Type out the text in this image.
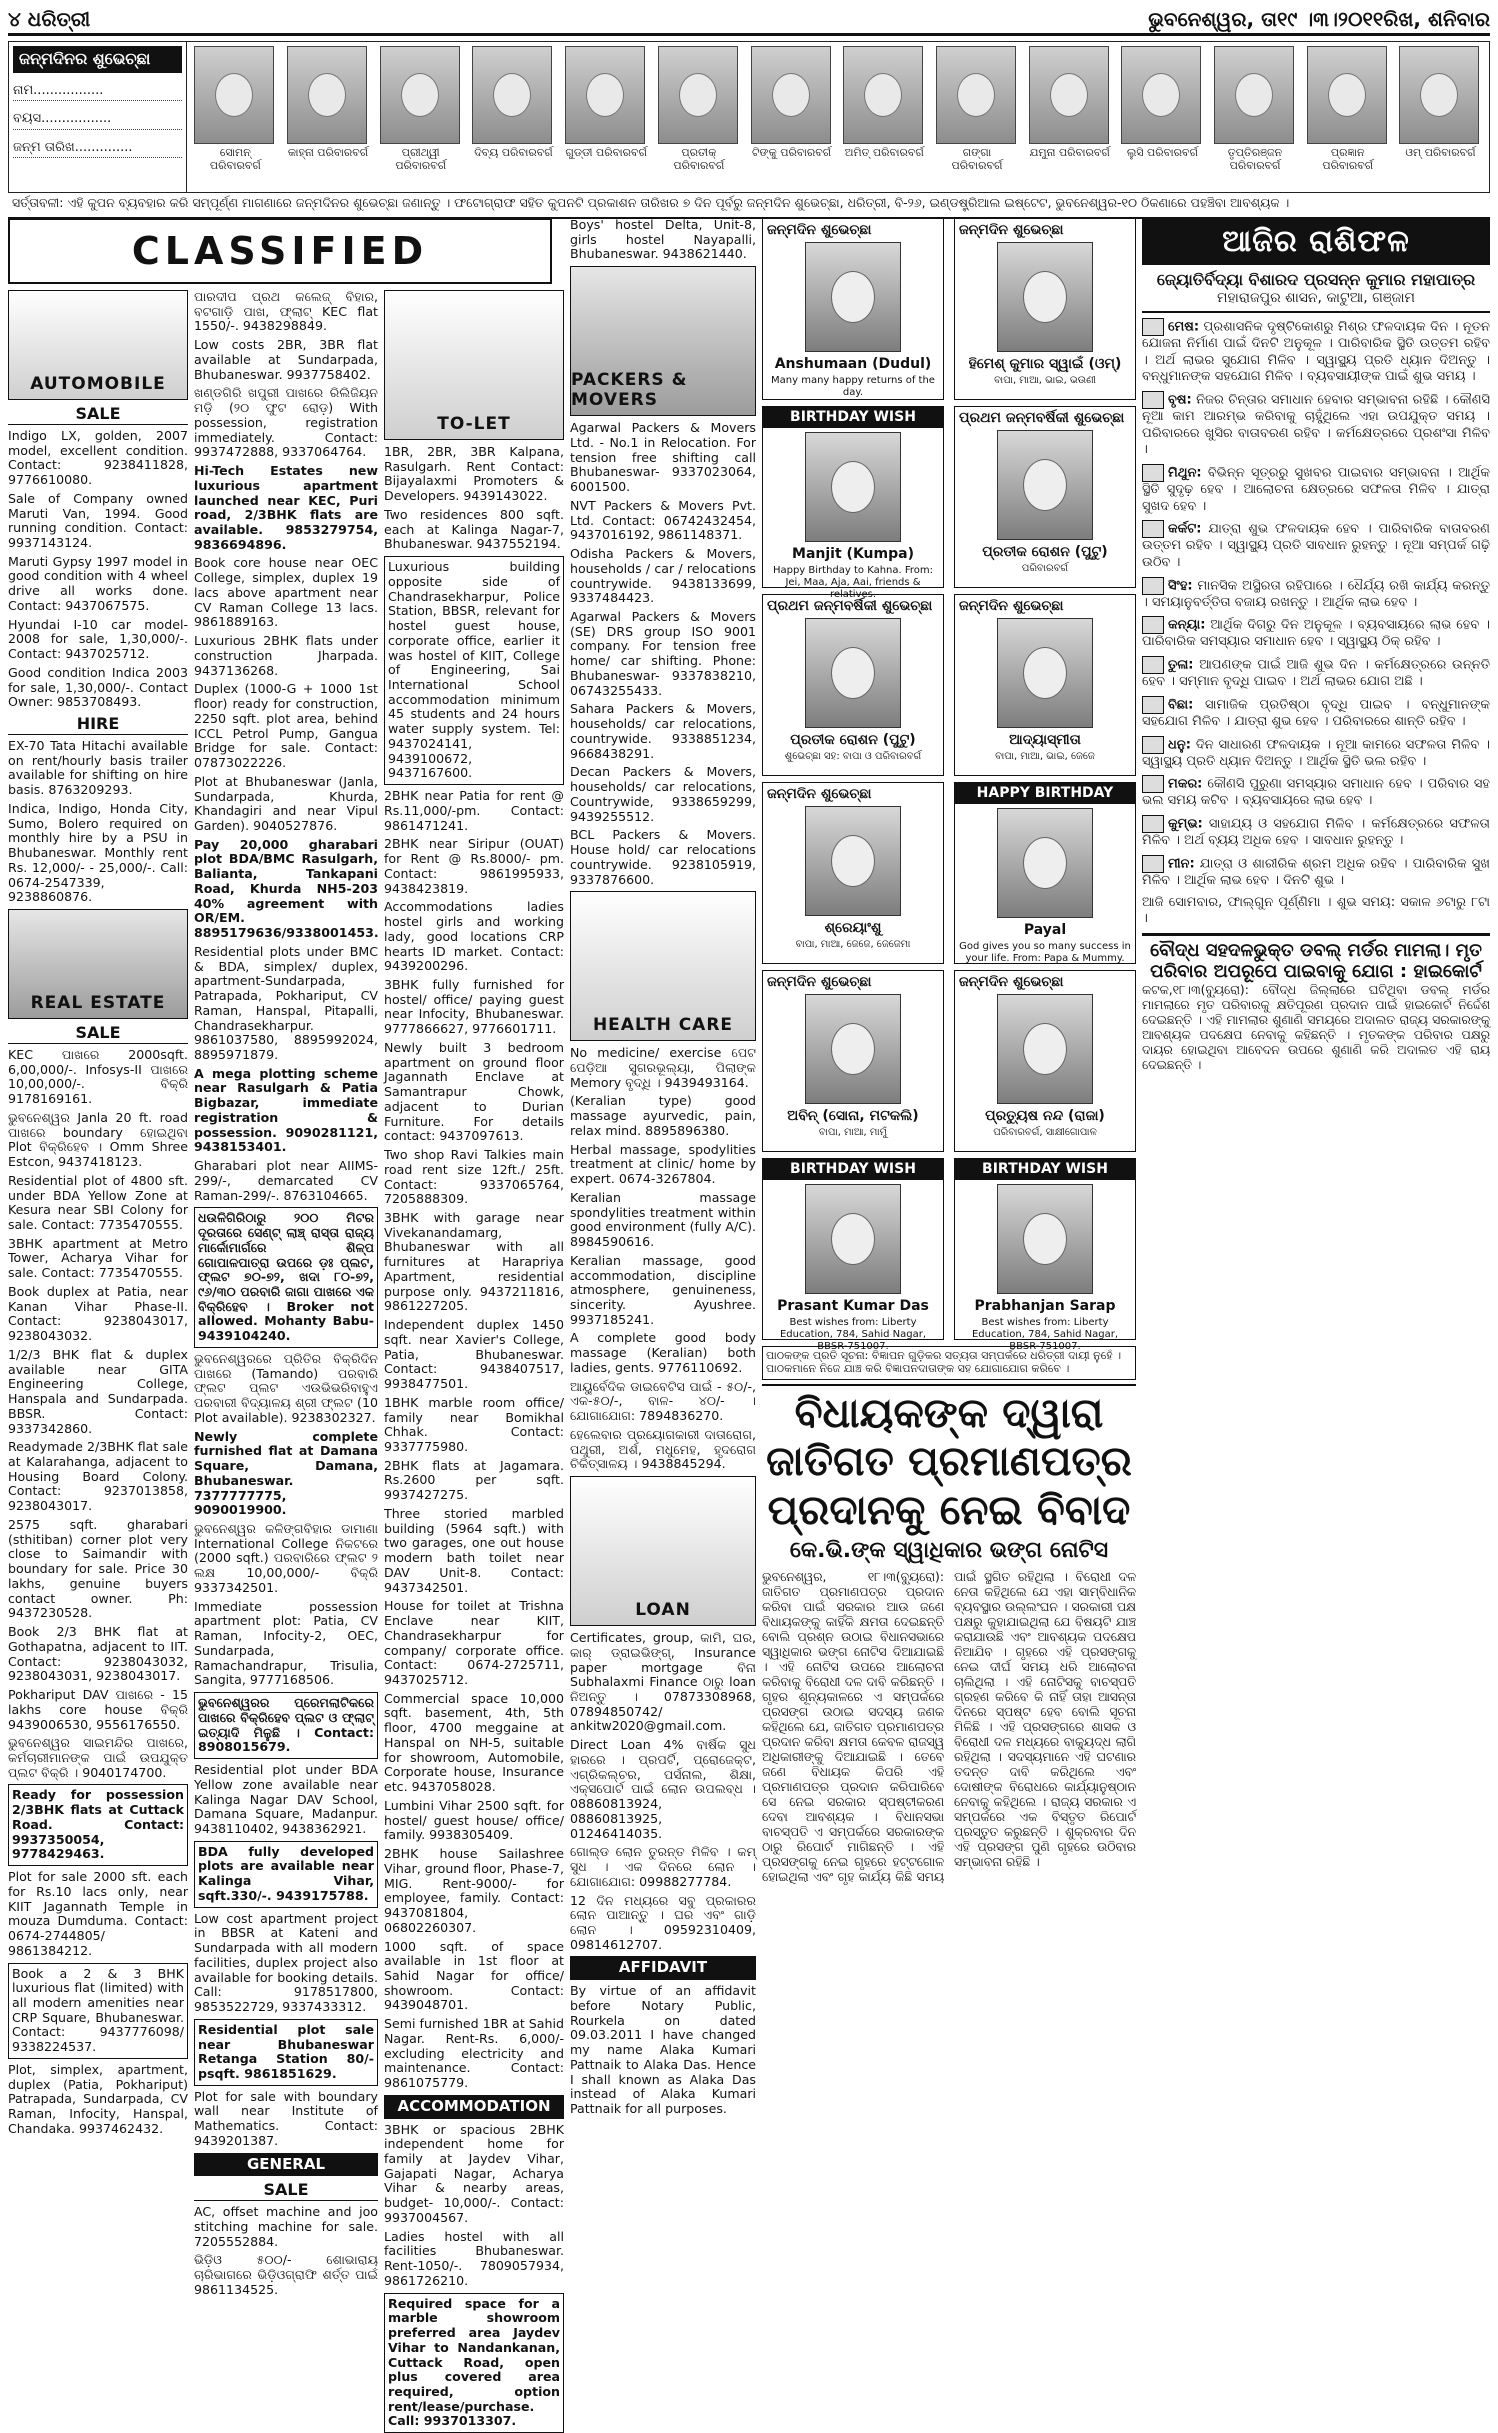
୪ ଧରିତ୍ରୀ	ଭୁବନେଶ୍ୱର, ତା୧୯ ।୩।୨୦୧୧ରିଖ, ଶନିବାର
ଜନ୍ମଦିନର ଶୁଭେଚ୍ଛା
ନାମ.................
ବୟସ.................
ଜନ୍ମ ତାରିଖ..............	ସୋମନ୍ ପରିବାରବର୍ଗ
କାହ୍ନା ପରିବାରବର୍ଗ	ପ୍ରୀଥ୍ୱୀ ପରିବାରବର୍ଗ
ଦିବ୍ୟ ପରିବାରବର୍ଗ ଗୁଡ୍ଡୀ ପରିବାରବର୍ଗ	ପ୍ରତୀକ୍ ପରିବାରବର୍ଗ
ଟିଙ୍କୁ ପରିବାରବର୍ଗ ଅମିତ୍ ପରିବାରବର୍ଗ	ଗଙ୍ଗା ପରିବାରବର୍ଗ
ଯମୁନା ପରିବାରବର୍ଗ	ଲୁସି ପରିବାରବର୍ଗ	ତୃପ୍ତିରଞ୍ଜନ ପରିବାରବର୍ଗ
ପ୍ରଜ୍ଞାନ ପରିବାରବର୍ଗ
ଓମ୍ ପରିବାରବର୍ଗ
ସର୍ତ୍ତାବଳୀ: ଏହି କୁପନ ବ୍ୟବହାର କରି ସମ୍ପୂର୍ଣ୍ଣ ମାଗଣାରେ ଜନ୍ମଦିନର ଶୁଭେଚ୍ଛା ଜଣାନ୍ତୁ । ଫଟୋଗ୍ରାଫ ସହିତ କୁପନଟି ପ୍ରକାଶନ ତାରିଖର ୭ ଦିନ ପୂର୍ବରୁ ଜନ୍ମଦିନ ଶୁଭେଚ୍ଛା, ଧରିତ୍ରୀ, ବି-୨୬, ଇଣ୍ଡଷ୍ଟ୍ରିଆଲ ଇଷ୍ଟେଟ, ଭୁବନେଶ୍ୱର-୧୦ ଠିକଣାରେ ପହଞ୍ଚିବା ଆବଶ୍ୟକ ।
CLASSIFIED
AUTOMOBILE
SALE
Indigo LX, golden, 2007 model, excellent condition. Contact: 9238411828, 9776610080.
Sale of Company owned Maruti Van, 1994. Good running condition. Contact: 9937143124.
Maruti Gypsy 1997 model in good condition with 4 wheel drive all works done. Contact: 9437067575.
Hyundai I-10 car model- 2008 for sale, 1,30,000/-. Contact: 9437025712.
Good condition Indica 2003 for sale, 1,30,000/-. Contact Owner: 9853708493.
HIRE
EX-70 Tata Hitachi available on rent/hourly basis trailer available for shifting on hire basis. 8763209293.
Indica, Indigo, Honda City, Sumo, Bolero required on monthly hire by a PSU in Bhubaneswar. Monthly rent Rs. 12,000/- - 25,000/-. Call: 0674-2547339, 9238860876.
REAL ESTATE
SALE
KEC ପାଖରେ 2000sqft. 6,00,000/-. Infosys-II ପାଖରେ 10,00,000/-. ବିକ୍ରି 9178169161.
ଭୁବନେଶ୍ୱର Janla 20 ft. road ପାଖରେ boundary ହୋଇଥିବା Plot ବିକ୍ରିହେବ । Omm Shree Estcon, 9437418123.
Residential plot of 4800 sft. under BDA Yellow Zone at Kesura near SBI Colony for sale. Contact: 7735470555.
3BHK apartment at Metro Tower, Acharya Vihar for sale. Contact: 7735470555.
Book duplex at Patia, near Kanan Vihar Phase-II. Contact: 9238043017, 9238043032.
1/2/3 BHK flat & duplex available near GITA Engineering College, Hanspala and Sundarpada. BBSR. Contact: 9337342860.
Readymade 2/3BHK flat sale at Kalarahanga, adjacent to Housing Board Colony. Contact: 9237013858, 9238043017.
2575 sqft. gharabari (sthitiban) corner plot very close to Saimandir with boundary for sale. Price 30 lakhs, genuine buyers contact owner. Ph: 9437230528.
Book 2/3 BHK flat at Gothapatna, adjacent to IIT. Contact: 9238043032, 9238043031, 9238043017.
Pokhariput DAV ପାଖରେ - 15 lakhs core house ବିକ୍ରି 9439006530, 9556176550.
ଭୁବନେଶ୍ୱର ସାଇମନ୍ଦିର ପାଖରେ, କର୍ମଚାରୀମାନଙ୍କ ପାଇଁ ଉପଯୁକ୍ତ ପ୍ଲଟ ବିକ୍ରି । 9040174700.
Ready for possession 2/3BHK flats at Cuttack Road. Contact: 9937350054, 9778429463.
Plot for sale 2000 sft. each for Rs.10 lacs only, near KIIT Jagannath Temple in mouza Dumduma. Contact: 0674-2744805/ 9861384212.
Book a 2 & 3 BHK luxurious flat (limited) with all modern amenities near CRP Square, Bhubaneswar. Contact: 9437776098/ 9338224537.
Plot, simplex, apartment, duplex (Patia, Pokhariput) Patrapada, Sundarpada, CV Raman, Infocity, Hanspal, Chandaka. 9937462432.
ପାରଦୀପ ପ୍ରଥ କଲେଜ୍ ବିହାର, ବଟଗାଡ଼ି ପାଖ, ଫ୍ଲାଟ୍ KEC flat 1550/-. 9438298849.
Low costs 2BR, 3BR flat available at Sundarpada, Bhubaneswar. 9937758402.
ଖଣ୍ଡଗିରି ଖପୁରୀ ପାଖରେ ରିଲିଜିୟନ ମଡ଼ି (୨୦ ଫୁଟ ରୋଡ଼) With possession, registration immediately. Contact: 9937472888, 9337064764.
Hi-Tech Estates new luxurious apartment launched near KEC, Puri road, 2/3BHK flats are available. 9853279754, 9836694896.
Book core house near OEC College, simplex, duplex 19 lacs above apartment near CV Raman College 13 lacs. 9861889163.
Luxurious 2BHK flats under construction Jharpada. 9437136268.
Duplex (1000-G + 1000 1st floor) ready for construction, 2250 sqft. plot area, behind ICCL Petrol Pump, Gangua Bridge for sale. Contact: 07873022226.
Plot at Bhubaneswar (Janla, Sundarpada, Khurda, Khandagiri and near Vipul Garden). 9040527876.
Pay 20,000 gharabari plot BDA/BMC Rasulgarh, Balianta, Tankapani Road, Khurda NH5-203 40% agreement with OR/EM. 8895179636/9338001453.
Residential plots under BMC & BDA, simplex/ duplex, apartment-Sundarpada, Patrapada, Pokhariput, CV Raman, Hanspal, Pitapalli, Chandrasekharpur. 9861037580, 8895992024, 8895971879.
A mega plotting scheme near Rasulgarh & Patia Bigbazar, immediate registration & possession. 9090281121, 9438153401.
Gharabari plot near AIIMS-299/-, demarcated CV Raman-299/-. 8763104665.
ଧଉଳିଗିରିଠାରୁ ୨୦୦ ମିଟର ଦୂରତାରେ ସେଣ୍ଟ୍ ଲାଞ୍ଚ୍ ରାସ୍ତା ରାଜ୍ୟ ମାର୍କୋମାର୍ଗରେ ଶିଳ୍ପ ଗୋପାଳପାତ୍ରା ଉପରେ ଡ଼ଃ ପ୍ଲଟ, ଫ୍ଲଟ ୭୦-୭୨, ଖଦା ୮୦-୭୨, ୯୬/୩୦ ପରବାରି ଜାଗା ପାଖରେ ଏକ ବିକ୍ରିହେବ । Broker not allowed. Mohanty Babu-9439104240.
ଭୁବନେଶ୍ୱରରେ ପ୍ରିତିର ବିକ୍ରିଦିନ ପାଖରେ (Tamando) ପରବାରି ଫ୍ଲଟ ପ୍ଲଟ ଏଉଭିଭରିବାହୁଏ ପରବାରୀ ବିଦ୍ୟାଳୟ ଶ୍ରୀ ଫ୍ଲଟ (10 Plot available). 9238302327.
Newly complete furnished flat at Damana Square, Damana, Bhubaneswar. 7377777775, 9090019900.
ଭୁବନେଶ୍ୱର କଳିଙ୍ଗବିହାର ଡାମାଣା International College ନିକଟରେ (2000 sqft.) ପରବାରିରେ ଫ୍ଲଟ ୨ ଲକ୍ଷ 10,00,000/- ବିକ୍ରି 9337342501.
Immediate possession apartment plot: Patia, CV Raman, Infocity-2, OEC, Sundarpada, Ramachandrapur, Trisulia, Sangita, 9777168506.
ଭୁବନେଶ୍ୱରର ପ୍ରେମଲାଟିକରେ ପାଖରେ ବିକ୍ରିହେବ ପ୍ଲଟ ଓ ଫ୍ଲାଟ୍ ଇତ୍ୟାଦି ମିଳୁଛି । Contact: 8908015679.
Residential plot under BDA Yellow zone available near Kalinga Nagar DAV School, Damana Square, Madanpur. 9438110402, 9438362921.
BDA fully developed plots are available near Kalinga Vihar, sqft.330/-. 9439175788.
Low cost apartment project in BBSR at Kateni and Sundarpada with all modern facilities, duplex project also available for booking details. Call: 9178517800, 9853522729, 9337433312.
Residential plot sale near Bhubaneswar Retanga Station 80/- psqft. 9861851629.
Plot for sale with boundary wall near Institute of Mathematics. Contact: 9439201387.
GENERAL
SALE
AC, offset machine and joo stitching machine for sale. 7205552884.
ଭିଡ଼ିଓ ୫୦୦/- ଶୋଭାରାୟ ଚାରିଭାଗରେ ଭିଡ଼ିଓଗ୍ରାଫି ଶର୍ତ୍ତ ପାଇଁ 9861134525.
TO-LET
1BR, 2BR, 3BR Kalpana, Rasulgarh. Rent Contact: Bijayalaxmi Promoters & Developers. 9439143022.
Two residences 800 sqft. each at Kalinga Nagar-7, Bhubaneswar. 9437552194.
Luxurious building opposite side of Chandrasekharpur, Police Station, BBSR, relevant for hostel guest house, corporate office, earlier it was hostel of KIIT, College of Engineering, Sai International School accommodation minimum 45 students and 24 hours water supply system. Tel: 9437024141, 9439100672, 9437167600.
2BHK near Patia for rent @ Rs.11,000/-pm. Contact: 9861471241.
2BHK near Siripur (OUAT) for Rent @ Rs.8000/- pm. Contact: 9861995933, 9438423819.
Accommodations ladies hostel girls and working lady, good locations CRP hearts ID market. Contact: 9439200296.
3BHK fully furnished for hostel/ office/ paying guest near Infocity, Bhubaneswar. 9777866627, 9776601711.
Newly built 3 bedroom apartment on ground floor Jagannath Enclave at Samantrapur Chowk, adjacent to Durian Furniture. For details contact: 9437097613.
Two shop Ravi Talkies main road rent size 12ft./ 25ft. Contact: 9337065764, 7205888309.
3BHK with garage near Vivekanandamarg, Bhubaneswar with all furnitures at Harapriya Apartment, residential purpose only. 9437211816, 9861227205.
Independent duplex 1450 sqft. near Xavier's College, Patia, Bhubaneswar. Contact: 9438407517, 9938477501.
1BHK marble room office/ family near Bomikhal Chhak. Contact: 9337775980.
2BHK flats at Jagamara. Rs.2600 per sqft. 9937427275.
Three storied marbled building (5964 sqft.) with two garages, one out house modern bath toilet near DAV Unit-8. Contact: 9437342501.
House for toilet at Trishna Enclave near KIIT, Chandrasekharpur for company/ corporate office. Contact: 0674-2725711, 9437025712.
Commercial space 10,000 sqft. basement, 4th, 5th floor, 4700 meggaine at Hanspal on NH-5, suitable for showroom, Automobile, Corporate house, Insurance etc. 9437058028.
Lumbini Vihar 2500 sqft. for hostel/ guest house/ office/ family. 9938305409.
2BHK house Sailashree Vihar, ground floor, Phase-7, MIG. Rent-9000/- for employee, family. Contact: 9437081804, 06802260307.
1000 sqft. of space available in 1st floor at Sahid Nagar for office/ showroom. Contact: 9439048701.
Semi furnished 1BR at Sahid Nagar. Rent-Rs. 6,000/- excluding electricity and maintenance. Contact: 9861075779.
ACCOMMODATION
3BHK or spacious 2BHK independent home for family at Jaydev Vihar, Gajapati Nagar, Acharya Vihar & nearby areas, budget- 10,000/-. Contact: 9937004567.
Ladies hostel with all facilities Bhubaneswar. Rent-1050/-. 7809057934, 9861726210.
Required space for a marble showroom preferred area Jaydev Vihar to Nandankanan, Cuttack Road, open plus covered area required, option rent/lease/purchase. Call: 9937013307.
Boys' hostel Delta, Unit-8, girls hostel Nayapalli, Bhubaneswar. 9438621440.
PACKERS & MOVERS
Agarwal Packers & Movers Ltd. - No.1 in Relocation. For tension free shifting call Bhubaneswar- 9337023064, 6001500.
NVT Packers & Movers Pvt. Ltd. Contact: 06742432454, 9437016192, 9861148371.
Odisha Packers & Movers, households / car / relocations countrywide. 9438133699, 9337484423.
Agarwal Packers & Movers (SE) DRS group ISO 9001 company. For tension free home/ car shifting. Phone: Bhubaneswar- 9337838210, 06743255433.
Sahara Packers & Movers, households/ car relocations, countrywide. 9338851234, 9668438291.
Decan Packers & Movers, households/ car relocations, Countrywide, 9338659299, 9439255512.
BCL Packers & Movers. House hold/ car relocations countrywide. 9238105919, 9337876600.
HEALTH CARE
No medicine/ exercise ପେଟ ପେଡ଼ିଆ ସୁଗରଭୂଲ୍ୟା, ପିଲାଙ୍କ Memory ବୃଦ୍ଧି । 9439493164.
(Keralian type) good massage ayurvedic, pain, relax mind. 8895896380.
Herbal massage, spodylities treatment at clinic/ home by expert. 0674-3267804.
Keralian massage spondylities treatment within good environment (fully A/C). 8984590616.
Keralian massage, good accommodation, discipline atmosphere, genuineness, sincerity. Ayushree. 9937185241.
A complete good body massage (Keralian) both ladies, gents. 9776110692.
ଆୟୁର୍ବେଦିକ ଡାଇବେଟିସ ପାଇଁ - ୫୦/-, ଏକ-୫୦/-, ବାଳ- ୪୦/- । ଯୋଗାଯୋଗ: 7894836270.
ହେଲେବାର ପ୍ରୟୋଗକାରୀ ଦାତାରୋଗ, ପଥୁରୀ, ଅର୍ଶ, ମଧୁମେହ, ହୃଦରୋଗ ଚିକିତ୍ସାଳୟ । 9438845294.
LOAN
Certificates, group, କାମି, ଘର, କାର୍ ଡ୍ରାଇଭିଙ୍ଗ୍, Insurance paper mortgage ବିନା Subhalaxmi Finance ଠାରୁ loan ନିଅନ୍ତୁ । 07873308968, 07894850742/ ankitw2020@gmail.com.
Direct Loan 4% ବାର୍ଷିକ ସୁଧ ହାରରେ । ପ୍ରପର୍ଟି, ପ୍ରୋଜେକ୍ଟ, ଏଗ୍ରିକଲ୍ଚର, ପର୍ସନାଲ, ଶିକ୍ଷା, ଏକ୍ସପୋର୍ଟ ପାଇଁ ଲୋନ ଉପଲବ୍ଧ । 08860813924, 08860813925, 01246414035.
ଗୋଲ୍ଡ ଲୋନ ତୁରନ୍ତ ମିଳିବ । କମ୍ ସୁଧ । ଏକ ଦିନରେ ଲୋନ । ଯୋଗାଯୋଗ: 09988277784.
12 ଦିନ ମଧ୍ୟରେ ସବୁ ପ୍ରକାରର ଲୋନ ପାଆନ୍ତୁ । ଘର ଏବଂ ଗାଡ଼ି ଲୋନ । 09592310409, 09814612707.
AFFIDAVIT
By virtue of an affidavit before Notary Public, Rourkela on dated 09.03.2011 I have changed my name Alaka Kumari Pattnaik to Alaka Das. Hence I shall known as Alaka Das instead of Alaka Kumari Pattnaik for all purposes.
ଜନ୍ମଦିନ ଶୁଭେଚ୍ଛା
Anshumaan (Dudul)
Many many happy returns of the day.
ଜନ୍ମଦିନ ଶୁଭେଚ୍ଛା
ହିମେଶ୍ କୁମାର ସ୍ୱାଇଁ (ଓମ୍)
ବାପା, ମାଆ, ଭାଇ, ଭଉଣୀ
BIRTHDAY WISH
Manjit (Kumpa)
Happy Birthday to Kahna. From: Jei, Maa, Aja, Aai, friends & relatives.
ପ୍ରଥମ ଜନ୍ମବର୍ଷିକୀ ଶୁଭେଚ୍ଛା
ପ୍ରତୀକ ରୋଶନ (ପୁଟୁ)
ପରିବାରବର୍ଗ
ପ୍ରଥମ ଜନ୍ମବର୍ଷିକୀ ଶୁଭେଚ୍ଛା
ପ୍ରତୀକ ରୋଶନ (ପୁଟୁ)
ଶୁଭେଚ୍ଛା ସହ: ବାପା ଓ ପରିବାରବର୍ଗ
ଜନ୍ମଦିନ ଶୁଭେଚ୍ଛା
ଆଦ୍ୟାସ୍ମୀତା
ବାପା, ମାଆ, ଭାଇ, ଜେଜେ
ଜନ୍ମଦିନ ଶୁଭେଚ୍ଛା
ଶ୍ରେୟାଂଶୁ
ବାପା, ମାଆ, ଜେଜେ, ଜେଜେମା
HAPPY BIRTHDAY
Payal
God gives you so many success in your life. From: Papa & Mummy.
ଜନ୍ମଦିନ ଶୁଭେଚ୍ଛା
ଅବିନ୍ (ସୋନା, ମଟକଲି)
ବାପା, ମାଆ, ମାମୁଁ
ଜନ୍ମଦିନ ଶୁଭେଚ୍ଛା
ପ୍ରତ୍ୟୁଷ ନନ୍ଦ (ରାଜା)
ପରିବାରବର୍ଗ, ସାକ୍ଷୀଗୋପାଳ
BIRTHDAY WISH
Prasant Kumar Das
Best wishes from: Liberty Education, 784, Sahid Nagar, BBSR-751007.
BIRTHDAY WISH
Prabhanjan Sarap
Best wishes from: Liberty Education, 784, Sahid Nagar, BBSR-751007.
ପାଠକଙ୍କ ପ୍ରତି ସୂଚନା: ବିଜ୍ଞାପନ ଗୁଡ଼ିକର ସତ୍ୟତା ସମ୍ପର୍କରେ ଧରିତ୍ରୀ ଦାୟୀ ନୁହେଁ । ପାଠକମାନେ ନିଜେ ଯାଞ୍ଚ କରି ବିଜ୍ଞାପନଦାତାଙ୍କ ସହ ଯୋଗାଯୋଗ କରିବେ ।
ବିଧାୟକଙ୍କ ଦ୍ୱାରା ଜାତିଗତ ପ୍ରମାଣପତ୍ର ପ୍ରଦାନକୁ ନେଇ ବିବାଦ
କେ.ଭି.ଙ୍କ ସ୍ୱାଧିକାର ଭଙ୍ଗ ନୋଟିସ
ଭୁବନେଶ୍ୱର, ୧୮।୩(ବ୍ୟୁରୋ): ଜାତିଗତ ପ୍ରମାଣପତ୍ର ପ୍ରଦାନ କରିବା ପାଇଁ ସରକାର ଆଉ ଜଣେ ବିଧାୟକଙ୍କୁ କାହିଁକି କ୍ଷମତା ଦେଇଛନ୍ତି ବୋଲି ପ୍ରଶ୍ନ ଉଠାଇ ବିଧାନସଭାରେ ସ୍ୱାଧିକାର ଭଙ୍ଗ ନୋଟିସ ଦିଆଯାଇଛି । ଏହି ନୋଟିସ ଉପରେ ଆଲୋଚନା କରିବାକୁ ବିରୋଧୀ ଦଳ ଦାବି କରିଛନ୍ତି । ଗୃହର ଶୂନ୍ୟକାଳରେ ଏ ସମ୍ପର୍କରେ ପ୍ରସଙ୍ଗ ଉଠାଇ ସଦସ୍ୟ ଜଣକ କହିଥିଲେ ଯେ, ଜାତିଗତ ପ୍ରମାଣପତ୍ର ପ୍ରଦାନ କରିବା କ୍ଷମତା କେବଳ ରାଜସ୍ୱ ଅଧିକାରୀଙ୍କୁ ଦିଆଯାଇଛି । ତେବେ ଜଣେ ବିଧାୟକ କିପରି ଏହି ପ୍ରମାଣପତ୍ର ପ୍ରଦାନ କରିପାରିବେ ସେ ନେଇ ସରକାର ସ୍ପଷ୍ଟୀକରଣ ଦେବା ଆବଶ୍ୟକ । ବିଧାନସଭା ବାଚସ୍ପତି ଏ ସମ୍ପର୍କରେ ସରକାରଙ୍କ ଠାରୁ ରିପୋର୍ଟ ମାଗିଛନ୍ତି । ଏହି ପ୍ରସଙ୍ଗକୁ ନେଇ ଗୃହରେ ହଟ୍ଟଗୋଳ ହୋଇଥିଲା ଏବଂ ଗୃହ କାର୍ଯ୍ୟ କିଛି ସମୟ ପାଇଁ ସ୍ଥଗିତ ରହିଥିଲା । ବିରୋଧୀ ଦଳ ନେତା କହିଥିଲେ ଯେ ଏହା ସାମ୍ବିଧାନିକ ବ୍ୟବସ୍ଥାର ଉଲ୍ଲଂଘନ । ସରକାରୀ ପକ୍ଷ ପକ୍ଷରୁ କୁହାଯାଇଥିଲା ଯେ ବିଷୟଟି ଯାଞ୍ଚ କରାଯାଉଛି ଏବଂ ଆବଶ୍ୟକ ପଦକ୍ଷେପ ନିଆଯିବ । ଗୃହରେ ଏହି ପ୍ରସଙ୍ଗକୁ ନେଇ ଦୀର୍ଘ ସମୟ ଧରି ଆଲୋଚନା ଚାଲିଥିଲା । ଏହି ନୋଟିସକୁ ବାଚସ୍ପତି ଗ୍ରହଣ କରିବେ କି ନାହିଁ ତାହା ଆସନ୍ତା ଦିନରେ ସ୍ପଷ୍ଟ ହେବ ବୋଲି ସୂଚନା ମିଳିଛି । ଏହି ପ୍ରସଙ୍ଗରେ ଶାସକ ଓ ବିରୋଧୀ ଦଳ ମଧ୍ୟରେ ବାକ୍ୟୁଦ୍ଧ ଲାଗି ରହିଥିଲା । ସଦସ୍ୟମାନେ ଏହି ଘଟଣାର ତଦନ୍ତ ଦାବି କରିଥିଲେ ଏବଂ ଦୋଷୀଙ୍କ ବିରୋଧରେ କାର୍ଯ୍ୟାନୁଷ୍ଠାନ ନେବାକୁ କହିଥିଲେ । ରାଜ୍ୟ ସରକାର ଏ ସମ୍ପର୍କରେ ଏକ ବିସ୍ତୃତ ରିପୋର୍ଟ ପ୍ରସ୍ତୁତ କରୁଛନ୍ତି । ଶୁକ୍ରବାର ଦିନ ଏହି ପ୍ରସଙ୍ଗ ପୁଣି ଗୃହରେ ଉଠିବାର ସମ୍ଭାବନା ରହିଛି ।
ଆଜିର ରାଶିଫଳ
ଜ୍ୟୋତିର୍ବିଦ୍ୟା ବିଶାରଦ ପ୍ରସନ୍ନ କୁମାର ମହାପାତ୍ର
ମହାରାଜପୁର ଶାସନ, କାଟୁଆ, ଗଞ୍ଜାମ
ମେଷ: ପ୍ରଶାସନିକ ଦୃଷ୍ଟିକୋଣରୁ ମିଶ୍ର ଫଳଦାୟକ ଦିନ । ନୂତନ ଯୋଜନା ନିର୍ମାଣ ପାଇଁ ଦିନଟି ଅନୁକୂଳ । ପାରିବାରିକ ସ୍ଥିତି ଉତ୍ତମ ରହିବ । ଅର୍ଥ ଲାଭର ସୁଯୋଗ ମିଳିବ । ସ୍ୱାସ୍ଥ୍ୟ ପ୍ରତି ଧ୍ୟାନ ଦିଅନ୍ତୁ । ବନ୍ଧୁମାନଙ୍କ ସହଯୋଗ ମିଳିବ । ବ୍ୟବସାୟୀଙ୍କ ପାଇଁ ଶୁଭ ସମୟ ।
ବୃଷ: ନିଜର ଚିନ୍ତାର ସମାଧାନ ହେବାର ସମ୍ଭାବନା ରହିଛି । କୌଣସି ନୂଆ କାମ ଆରମ୍ଭ କରିବାକୁ ଚାହୁଁଥିଲେ ଏହା ଉପଯୁକ୍ତ ସମୟ । ପରିବାରରେ ଖୁସିର ବାତାବରଣ ରହିବ । କର୍ମକ୍ଷେତ୍ରରେ ପ୍ରଶଂସା ମିଳିବ ।
ମିଥୁନ: ବିଭିନ୍ନ ସୂତ୍ରରୁ ସୁଖବର ପାଇବାର ସମ୍ଭାବନା । ଆର୍ଥିକ ସ୍ଥିତି ସୁଦୃଢ଼ ହେବ । ଆଲୋଚନା କ୍ଷେତ୍ରରେ ସଫଳତା ମିଳିବ । ଯାତ୍ରା ସୁଖଦ ହେବ ।
କର୍କଟ: ଯାତ୍ରା ଶୁଭ ଫଳଦାୟକ ହେବ । ପାରିବାରିକ ବାତାବରଣ ଉତ୍ତମ ରହିବ । ସ୍ୱାସ୍ଥ୍ୟ ପ୍ରତି ସାବଧାନ ରୁହନ୍ତୁ । ନୂଆ ସମ୍ପର୍କ ଗଢ଼ି ଉଠିବ ।
ସିଂହ: ମାନସିକ ଅସ୍ଥିରତା ରହିପାରେ । ଧୈର୍ଯ୍ୟ ରଖି କାର୍ଯ୍ୟ କରନ୍ତୁ । ସମୟାନୁବର୍ତ୍ତିତା ବଜାୟ ରଖନ୍ତୁ । ଆର୍ଥିକ ଲାଭ ହେବ ।
କନ୍ୟା: ଆର୍ଥିକ ଦିଗରୁ ଦିନ ଅନୁକୂଳ । ବ୍ୟବସାୟରେ ଲାଭ ହେବ । ପାରିବାରିକ ସମସ୍ୟାର ସମାଧାନ ହେବ । ସ୍ୱାସ୍ଥ୍ୟ ଠିକ୍ ରହିବ ।
ତୁଳା: ଆପଣଙ୍କ ପାଇଁ ଆଜି ଶୁଭ ଦିନ । କର୍ମକ୍ଷେତ୍ରରେ ଉନ୍ନତି ହେବ । ସମ୍ମାନ ବୃଦ୍ଧି ପାଇବ । ଅର୍ଥ ଲାଭର ଯୋଗ ଅଛି ।
ବିଛା: ସାମାଜିକ ପ୍ରତିଷ୍ଠା ବୃଦ୍ଧି ପାଇବ । ବନ୍ଧୁମାନଙ୍କ ସହଯୋଗ ମିଳିବ । ଯାତ୍ରା ଶୁଭ ହେବ । ପରିବାରରେ ଶାନ୍ତି ରହିବ ।
ଧନୁ: ଦିନ ସାଧାରଣ ଫଳଦାୟକ । ନୂଆ କାମରେ ସଫଳତା ମିଳିବ । ସ୍ୱାସ୍ଥ୍ୟ ପ୍ରତି ଧ୍ୟାନ ଦିଅନ୍ତୁ । ଆର୍ଥିକ ସ୍ଥିତି ଭଲ ରହିବ ।
ମକର: କୌଣସି ପୁରୁଣା ସମସ୍ୟାର ସମାଧାନ ହେବ । ପରିବାର ସହ ଭଲ ସମୟ କଟିବ । ବ୍ୟବସାୟରେ ଲାଭ ହେବ ।
କୁମ୍ଭ: ସାହାଯ୍ୟ ଓ ସହଯୋଗ ମିଳିବ । କର୍ମକ୍ଷେତ୍ରରେ ସଫଳତା ମିଳିବ । ଅର୍ଥ ବ୍ୟୟ ଅଧିକ ହେବ । ସାବଧାନ ରୁହନ୍ତୁ ।
ମୀନ: ଯାତ୍ରା ଓ ଶାରୀରିକ ଶ୍ରମ ଅଧିକ ରହିବ । ପାରିବାରିକ ସୁଖ ମିଳିବ । ଆର୍ଥିକ ଲାଭ ହେବ । ଦିନଟି ଶୁଭ ।
ଆଜି ସୋମବାର, ଫାଲ୍ଗୁନ ପୂର୍ଣ୍ଣିମା । ଶୁଭ ସମୟ: ସକାଳ ୬ଟାରୁ ୮ଟା ।
ବୌଦ୍ଧ ସହଦଳଭୁକ୍ତ ଡବଲ୍ ମର୍ଡର ମାମଲା। ମୃତ ପରିବାର ଅପରୂପେ ପାଇବାକୁ ଯୋଗ : ହାଇକୋର୍ଟ
କଟକ,୧୮।୩(ବ୍ୟୁରୋ): ବୌଦ୍ଧ ଜିଲ୍ଲାରେ ଘଟିଥିବା ଡବଲ୍ ମର୍ଡର ମାମଲାରେ ମୃତ ପରିବାରକୁ କ୍ଷତିପୂରଣ ପ୍ରଦାନ ପାଇଁ ହାଇକୋର୍ଟ ନିର୍ଦ୍ଦେଶ ଦେଇଛନ୍ତି । ଏହି ମାମଲାର ଶୁଣାଣି ସମୟରେ ଅଦାଲତ ରାଜ୍ୟ ସରକାରଙ୍କୁ ଆବଶ୍ୟକ ପଦକ୍ଷେପ ନେବାକୁ କହିଛନ୍ତି । ମୃତକଙ୍କ ପରିବାର ପକ୍ଷରୁ ଦାୟର ହୋଇଥିବା ଆବେଦନ ଉପରେ ଶୁଣାଣି କରି ଅଦାଲତ ଏହି ରାୟ ଦେଇଛନ୍ତି ।
